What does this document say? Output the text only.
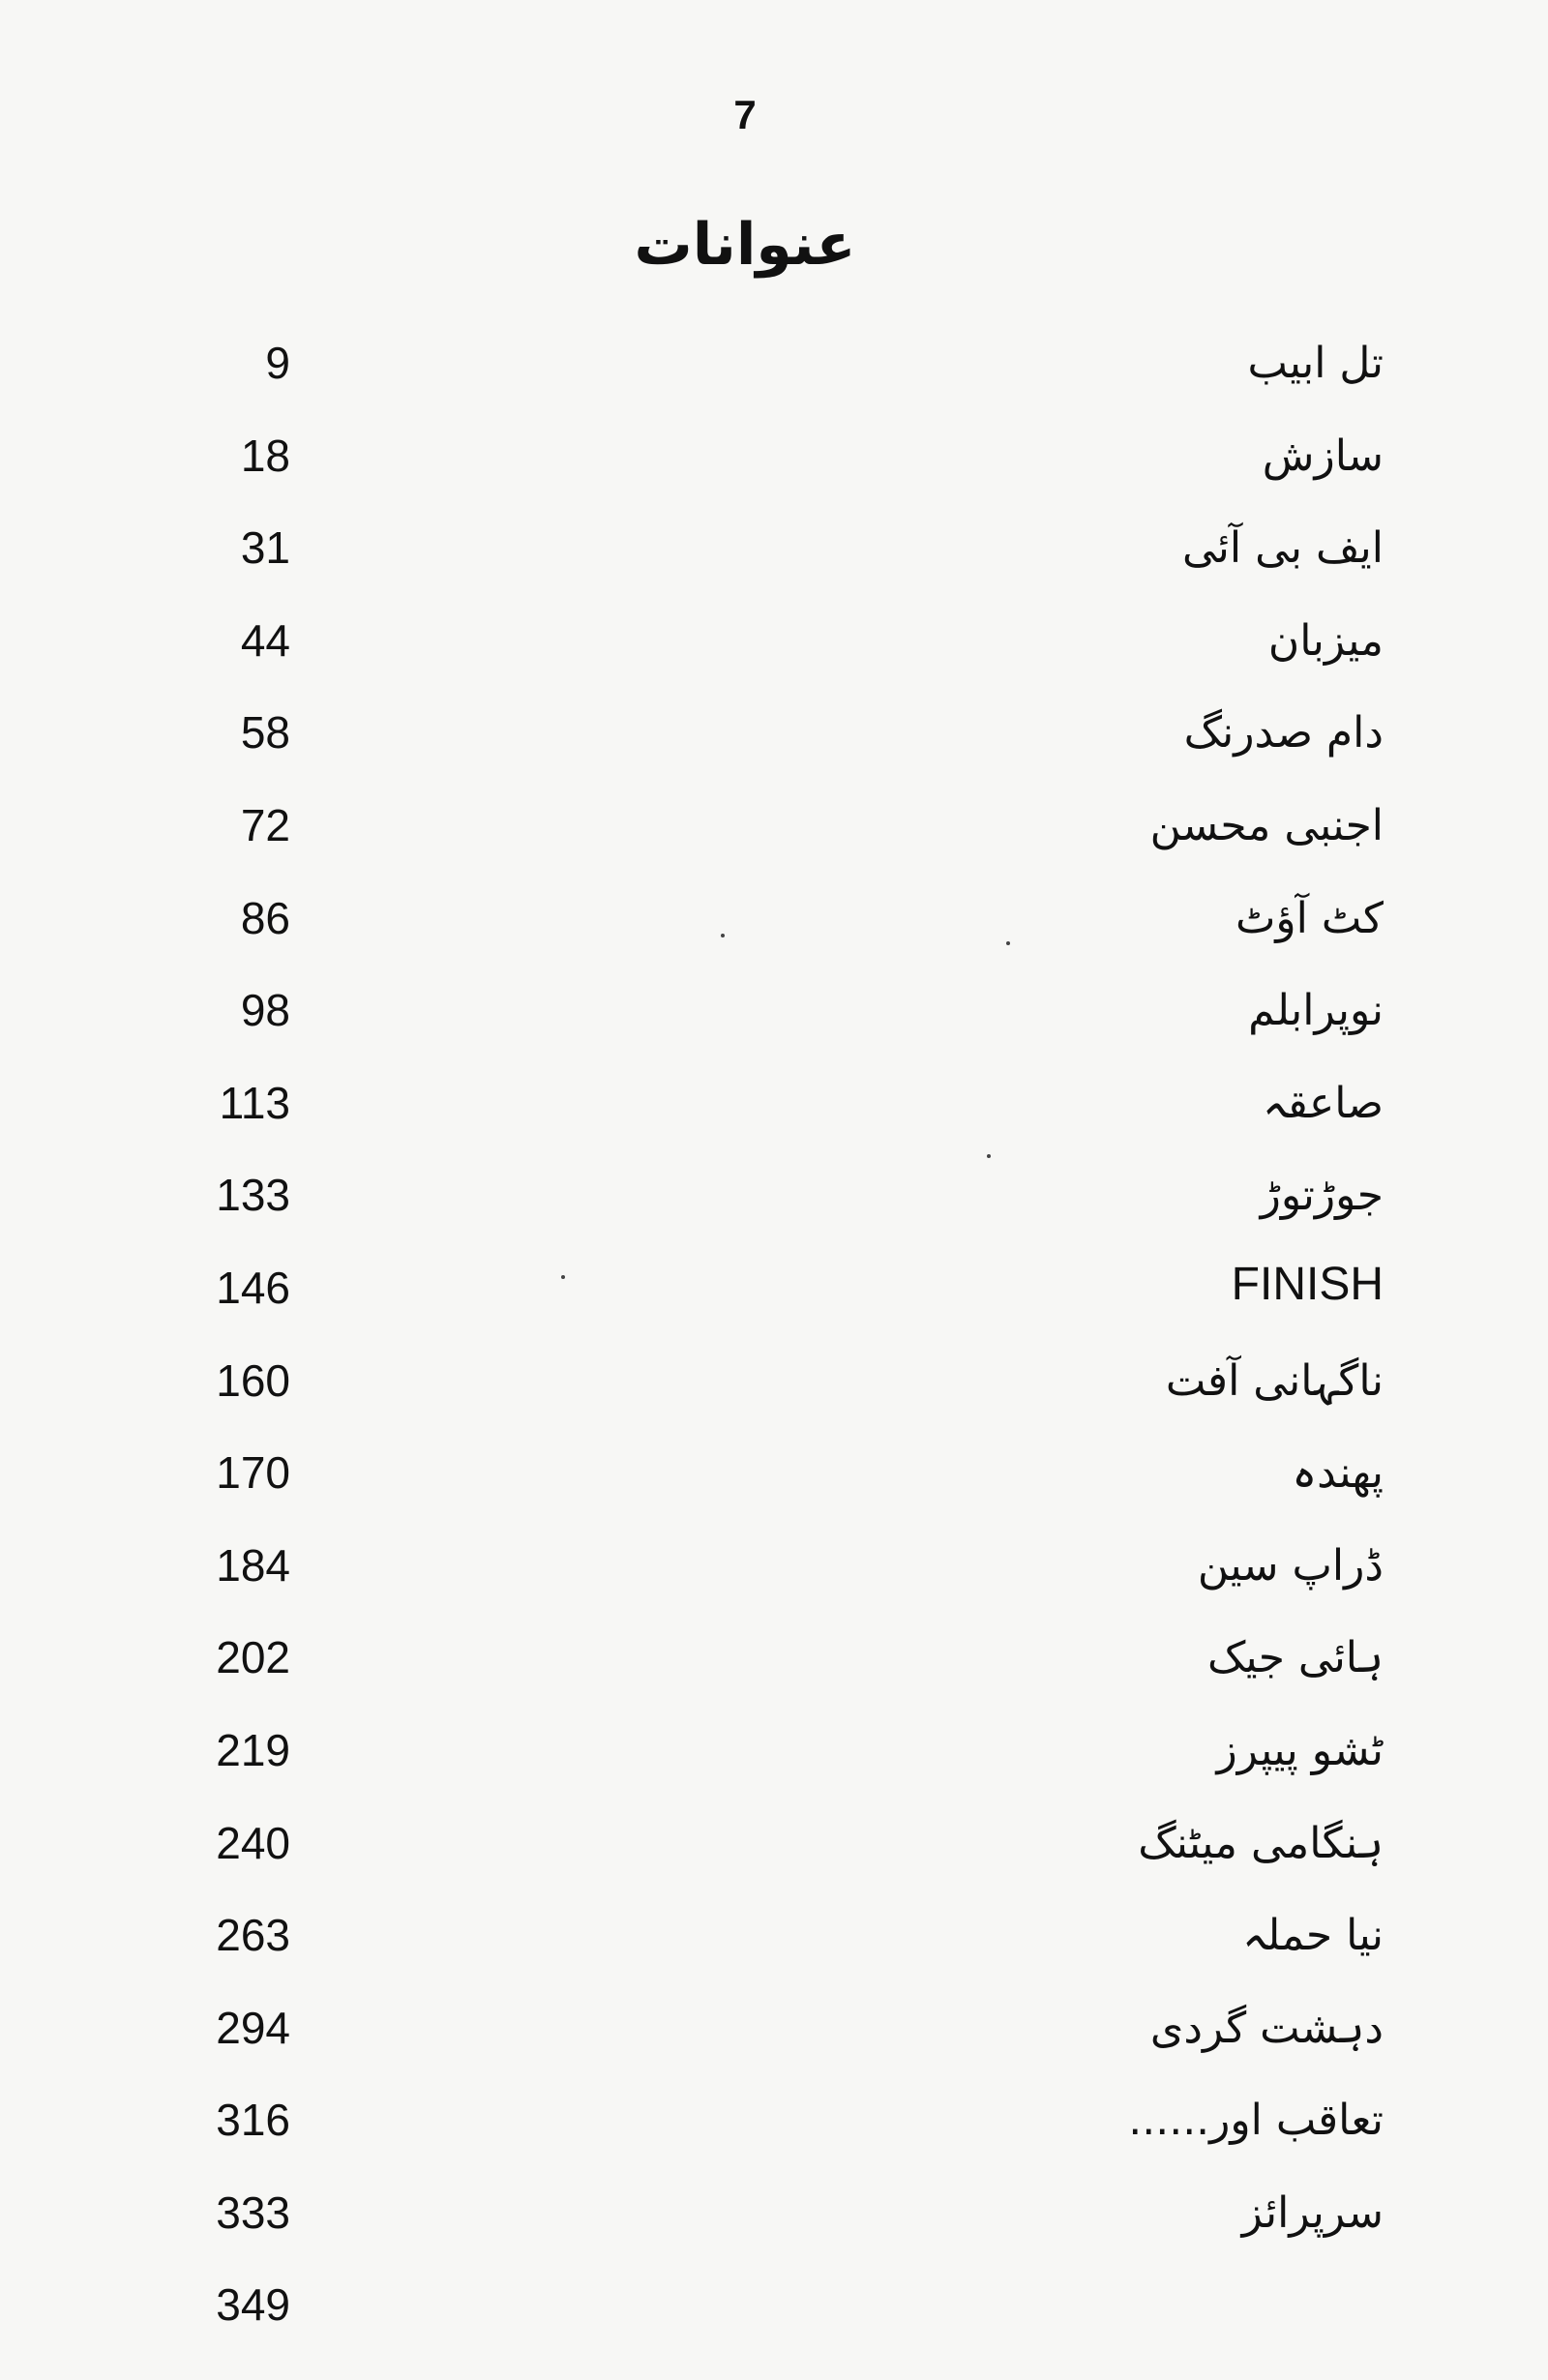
7
عنوانات
9	تل ابیب
18	سازش
31	ایف بی آئی
44	میزبان
58	دام صدرنگ
72	اجنبی محسن
86	کٹ آؤٹ
98	نوپرابلم
113	صاعقہ
133	جوڑتوڑ
146	FINISH
160	ناگہانی آفت
170	پھندہ
184	ڈراپ سین
202	ہائی جیک
219	ٹشو پیپرز
240	ہنگامی میٹنگ
263	نیا حملہ
294	دہشت گردی
316	تعاقب اور......
333	سرپرائز
349
